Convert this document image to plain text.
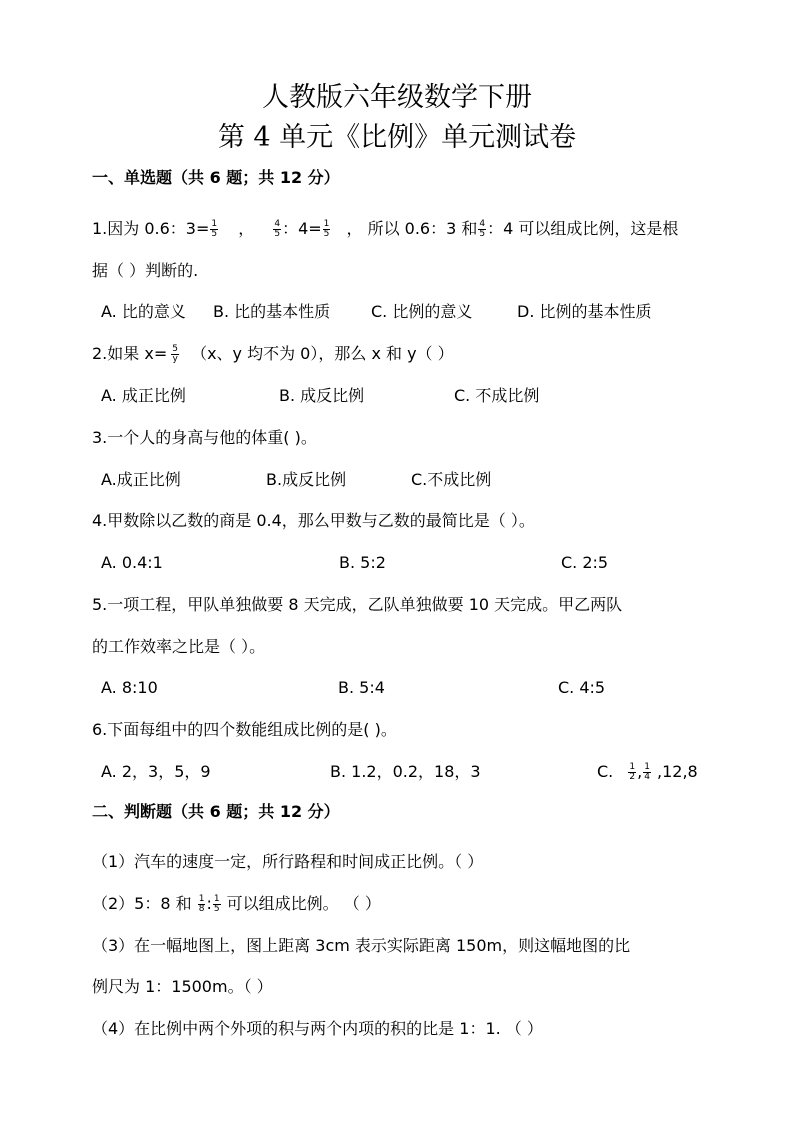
人教版六年级数学下册
第 4 单元《比例》单元测试卷
一、单选题（共 6 题；共 12 分）
1.因为 0.6：$3= \frac{1}{5}$ ， $\frac{4}{5}$ ：$4= \frac{1}{5}$ ， 所以 0.6：3 和 $\frac{4}{5}$ ：4 可以组成比例，这是根
据（ ）判断的.
A. 比的意义 B. 比的基本性质	C. 比例的意义	D. 比例的基本性质
2.如果 $x= \frac{5}{y} (x$、y 均不为 0），那么 x 和 y（ ）
A. 成正比例	B. 成反比例	C. 不成比例
3.一个人的身高与他的体重( )。
A.成正比例	B.成反比例	C.不成比例
4.甲数除以乙数的商是 0.4，那么甲数与乙数的最简比是（ ）。
A. 0.4:1	B. 5:2	C. 2:5
5.一项工程，甲队单独做要 8 天完成，乙队单独做要 10 天完成。甲乙两队
的工作效率之比是（ ）。
A. 8:10	B. 5:4	C. 4:5
6.下面每组中的四个数能组成比例的是( )。
A. 2，3，5，9	B. 1.2，0.2，18，3	C. $\frac{1}{2}$ , $\frac{1}{4} ,12,8$
二、判断题（共 6 题；共 12 分）
（1）汽车的速度一定，所行路程和时间成正比例。（ ）
（2）5：8 和 $\frac{1}{8}$ : $\frac{1}{5}$ 可以组成比例。 （ ）
（3）在一幅地图上，图上距离 3cm 表示实际距离 150m，则这幅地图的比
例尺为 1：1500m。（ ）
（4）在比例中两个外项的积与两个内项的积的比是 1：1. （ ）
